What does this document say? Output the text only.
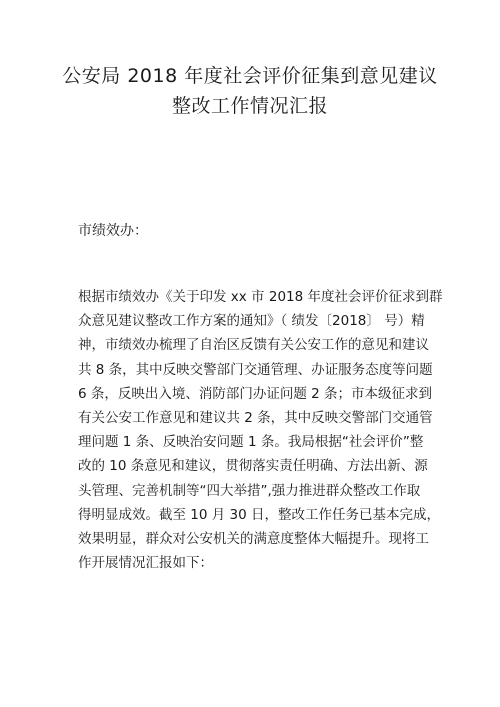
公安局 2018 年度社会评价征集到意见建议
整改工作情况汇报
市绩效办：
根据市绩效办《关于印发 xx 市 2018 年度社会评价征求到群
众意见建议整改工作方案的通知》（ 绩发〔2018〕 号）精
神，市绩效办梳理了自治区反馈有关公安工作的意见和建议
共 8 条，其中反映交警部门交通管理、办证服务态度等问题
6 条，反映出入境、消防部门办证问题 2 条；市本级征求到
有关公安工作意见和建议共 2 条，其中反映交警部门交通管
理问题 1 条、反映治安问题 1 条。我局根据“社会评价”整
改的 10 条意见和建议，贯彻落实责任明确、方法出新、源
头管理、完善机制等“四大举措”,强力推进群众整改工作取
得明显成效。截至 10 月 30 日，整改工作任务已基本完成，
效果明显，群众对公安机关的满意度整体大幅提升。现将工
作开展情况汇报如下：
